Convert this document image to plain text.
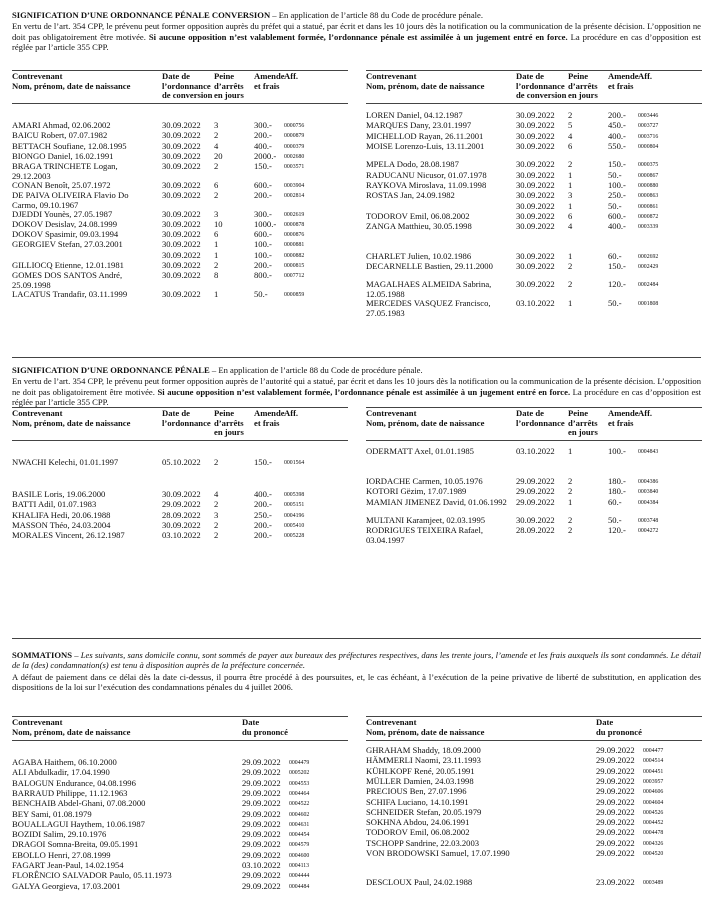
SIGNIFICATION D’UNE ORDONNANCE PÉNALE CONVERSION – En application de l’article 88 du Code de procédure pénale.

En vertu de l’art. 354 CPP, le prévenu peut former opposition auprès du préfet qui a statué, par écrit et dans les 10 jours dès la notification ou la communication de la présente décision. L’opposition ne doit pas obligatoirement être motivée. Si aucune opposition n’est valablement formée, l’ordonnance pénale est assimilée à un jugement entré en force. La procédure en cas d’opposition est réglée par l’article 355 CPP.

Contrevenant
Nom, prénom, date de naissance
Date de
l’ordonnance
de conversion
Peine
d’arrêts
en jours
Amende
et frais
Aff.
AMARI Ahmad, 02.06.2002	30.09.2022 3	300.- 0000756
BAICU Robert, 07.07.1982	30.09.2022 2	200.- 0000879
BETTACH Soufiane, 12.08.1995	30.09.2022 4	400.- 0000379
BIONGO Daniel, 16.02.1991	30.09.2022 20	2000.- 0002680
BRAGA TRINCHETE Logan, 29.12.2003
30.09.2022 2	150.- 0003571
CONAN Benoît, 25.07.1972	30.09.2022 6	600.- 0003904
DE PAIVA OLIVEIRA Flavio Do Carmo, 09.10.1967
30.09.2022 2	200.- 0002814
DJEDDI Younès, 27.05.1987	30.09.2022 3	300.- 0002619
DOKOV Desislav, 24.08.1999	30.09.2022 10	1000.- 0000878
DOKOV Spasimir, 09.03.1994	30.09.2022 6	600.- 0000876
GEORGIEV Stefan, 27.03.2001	30.09.2022 1	100.- 0000881
30.09.2022 1	100.- 0000882
GILLIOCQ Etienne, 12.01.1981	30.09.2022 2	200.- 0000815
GOMES DOS SANTOS André, 25.09.1998
30.09.2022 8	800.- 0007712
LACATUS Trandafir, 03.11.1999	30.09.2022 1	50.-	0000859
Contrevenant
Nom, prénom, date de naissance
Date de
l’ordonnance
de conversion
Peine
d’arrêts
en jours
Amende
et frais
Aff.
LOREN Daniel, 04.12.1987	30.09.2022 2	200.- 0003446
MARQUES Dany, 23.01.1997	30.09.2022 5	450.- 0003727
MICHELLOD Rayan, 26.11.2001	30.09.2022 4	400.- 0003716
MOISE Lorenzo-Luis, 13.11.2001	30.09.2022 6	550.- 0000804
MPELA Dodo, 28.08.1987	30.09.2022 2	150.- 0000375
RADUCANU Nicusor, 01.07.1978	30.09.2022 1	50.-	0000867
RAYKOVA Miroslava, 11.09.1998	30.09.2022 1	100.- 0000880
ROSTAS Jan, 24.09.1982	30.09.2022 3	250.- 0000863
30.09.2022 1	50.-	0000861
TODOROV Emil, 06.08.2002	30.09.2022 6	600.- 0000872
ZANGA Matthieu, 30.05.1998	30.09.2022 4	400.- 0003339
CHARLET Julien, 10.02.1986	30.09.2022 1	60.-	0002692
DECARNELLE Bastien, 29.11.2000	30.09.2022 2	150.- 0002429
MAGALHAES ALMEIDA Sabrina, 12.05.1988
30.09.2022 2	120.- 0002484
MERCEDES VASQUEZ Francisco, 27.05.1983
03.10.2022 1	50.-	0001808

SIGNIFICATION D’UNE ORDONNANCE PÉNALE – En application de l’article 88 du Code de procédure pénale.

En vertu de l’art. 354 CPP, le prévenu peut former opposition auprès de l’autorité qui a statué, par écrit et dans les 10 jours dès la notification ou la communication de la présente décision. L’opposition ne doit pas obligatoirement être motivée. Si aucune opposition n’est valablement formée, l’ordonnance pénale est assimilée à un jugement entré en force. La procédure en cas d’opposition est réglée par l’article 355 CPP.

Contrevenant
Nom, prénom, date de naissance
Date de
l’ordonnance
Peine
d’arrêts
en jours
Amende
et frais
Aff.
NWACHI Kelechi, 01.01.1997	05.10.2022 2	150.- 0001564
BASILE Loris, 19.06.2000	30.09.2022 4	400.- 0005398
BATTI Adil, 01.07.1983	29.09.2022 2	200.- 0005151
KHALIFA Hedi, 20.06.1988	28.09.2022 3	250.- 0004196
MASSON Théo, 24.03.2004	30.09.2022 2	200.- 0005410
MORALES Vincent, 26.12.1987	03.10.2022 2	200.- 0005228
Contrevenant
Nom, prénom, date de naissance
Date de
l’ordonnance
Peine
d’arrêts
en jours
Amende
et frais
Aff.
ODERMATT Axel, 01.01.1985	03.10.2022 1	100.- 0004843
IORDACHE Carmen, 10.05.1976	29.09.2022 2	180.- 0004386
KOTORI Gëzim, 17.07.1989	29.09.2022 2	180.- 0003840
MAMIAN JIMENEZ David, 01.06.1992	29.09.2022 1	60.-	0004384
MULTANI Karamjeet, 02.03.1995	30.09.2022 2	50.-	0003748
RODRIGUES TEIXEIRA Rafael, 03.04.1997
28.09.2022 2	120.- 0004272

SOMMATIONS – Les suivants, sans domicile connu, sont sommés de payer aux bureaux des préfectures respectives, dans les trente jours, l’amende et les frais auxquels ils sont condamnés. Le détail de la (des) condamnation(s) est tenu à disposition auprès de la préfecture concernée.

A défaut de paiement dans ce délai dès la date ci-dessus, il pourra être procédé à des poursuites, et, le cas échéant, à l’exécution de la peine privative de liberté de substitution, en application des dispositions de la loi sur l’exécution des condamnations pénales du 4 juillet 2006.

Contrevenant
Nom, prénom, date de naissance
Date
du prononcé
AGABA Haithem, 06.10.2000	29.09.2022 0004479
ALI Abdulkadir, 17.04.1990	29.09.2022 0005202
BALOGUN Endurance, 04.08.1996	29.09.2022 0004553
BARRAUD Philippe, 11.12.1963	29.09.2022 0004464
BENCHAIB Abdel-Ghani, 07.08.2000	29.09.2022 0004522
BEY Sami, 01.08.1979	29.09.2022 0004602
BOUALLAGUI Haythem, 10.06.1987	29.09.2022 0004631
BOZIDI Salim, 29.10.1976	29.09.2022 0004454
DRAGOI Somna-Breita, 09.05.1991	29.09.2022 0004579
EBOLLO Henri, 27.08.1999	29.09.2022 0004600
FAGART Jean-Paul, 14.02.1954	03.10.2022 0004113
FLORÊNCIO SALVADOR Paulo, 05.11.1973	29.09.2022 0004444
GALYA Georgieva, 17.03.2001	29.09.2022 0004484
Contrevenant
Nom, prénom, date de naissance
Date
du prononcé
GHRAHAM Shaddy, 18.09.2000	29.09.2022 0004477
HÄMMERLI Naomi, 23.11.1993	29.09.2022 0004514
KÜHLKOPF René, 20.05.1991	29.09.2022 0004451
MÜLLER Damien, 24.03.1998	29.09.2022 0003957
PRECIOUS Ben, 27.07.1996	29.09.2022 0004606
SCHIFA Luciano, 14.10.1991	29.09.2022 0004604
SCHNEIDER Stefan, 20.05.1979	29.09.2022 0004526
SOKHNA Abdou, 24.06.1991	29.09.2022 0004452
TODOROV Emil, 06.08.2002	29.09.2022 0004478
TSCHOPP Sandrine, 22.03.2003	29.09.2022 0004326
VON BRODOWSKI Samuel, 17.07.1990	29.09.2022 0004520
DESCLOUX Paul, 24.02.1988	23.09.2022 0003489
